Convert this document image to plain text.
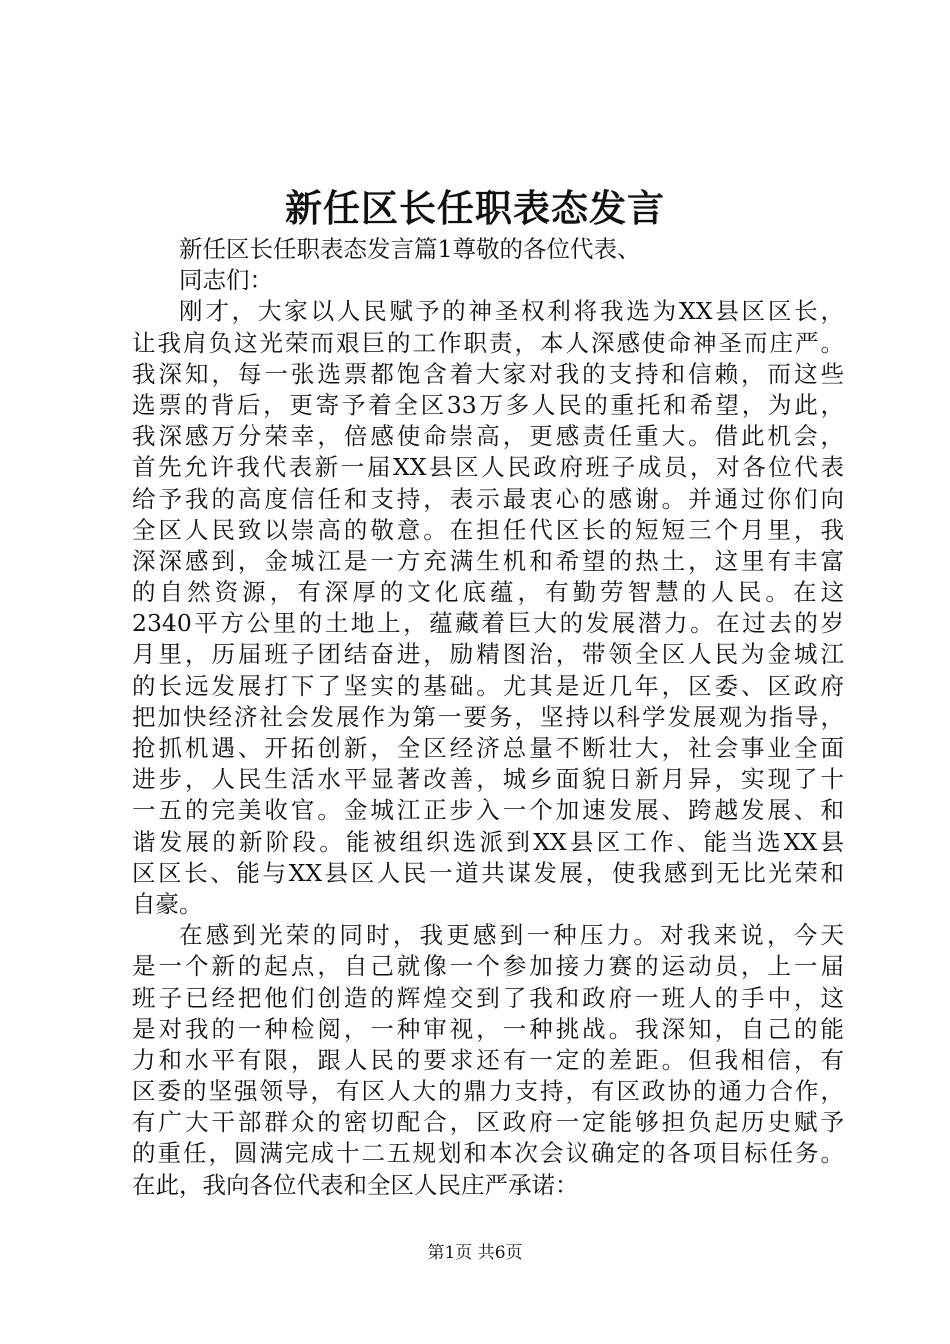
新任区长任职表态发言
新任区长任职表态发言篇1尊敬的各位代表、
同志们：
刚才，大家以人民赋予的神圣权利将我选为XX县区区长，
让我肩负这光荣而艰巨的工作职责，本人深感使命神圣而庄严。
我深知，每一张选票都饱含着大家对我的支持和信赖，而这些
选票的背后，更寄予着全区33万多人民的重托和希望，为此，
我深感万分荣幸，倍感使命崇高，更感责任重大。借此机会，
首先允许我代表新一届XX县区人民政府班子成员，对各位代表
给予我的高度信任和支持，表示最衷心的感谢。并通过你们向
全区人民致以崇高的敬意。在担任代区长的短短三个月里，我
深深感到，金城江是一方充满生机和希望的热土，这里有丰富
的自然资源，有深厚的文化底蕴，有勤劳智慧的人民。在这
2340平方公里的土地上，蕴藏着巨大的发展潜力。在过去的岁
月里，历届班子团结奋进，励精图治，带领全区人民为金城江
的长远发展打下了坚实的基础。尤其是近几年，区委、区政府
把加快经济社会发展作为第一要务，坚持以科学发展观为指导，
抢抓机遇、开拓创新，全区经济总量不断壮大，社会事业全面
进步，人民生活水平显著改善，城乡面貌日新月异，实现了十
一五的完美收官。金城江正步入一个加速发展、跨越发展、和
谐发展的新阶段。能被组织选派到XX县区工作、能当选XX县
区区长、能与XX县区人民一道共谋发展，使我感到无比光荣和
自豪。
在感到光荣的同时，我更感到一种压力。对我来说，今天
是一个新的起点，自己就像一个参加接力赛的运动员，上一届
班子已经把他们创造的辉煌交到了我和政府一班人的手中，这
是对我的一种检阅，一种审视，一种挑战。我深知，自己的能
力和水平有限，跟人民的要求还有一定的差距。但我相信，有
区委的坚强领导，有区人大的鼎力支持，有区政协的通力合作，
有广大干部群众的密切配合，区政府一定能够担负起历史赋予
的重任，圆满完成十二五规划和本次会议确定的各项目标任务。
在此，我向各位代表和全区人民庄严承诺：
第1页 共6页
